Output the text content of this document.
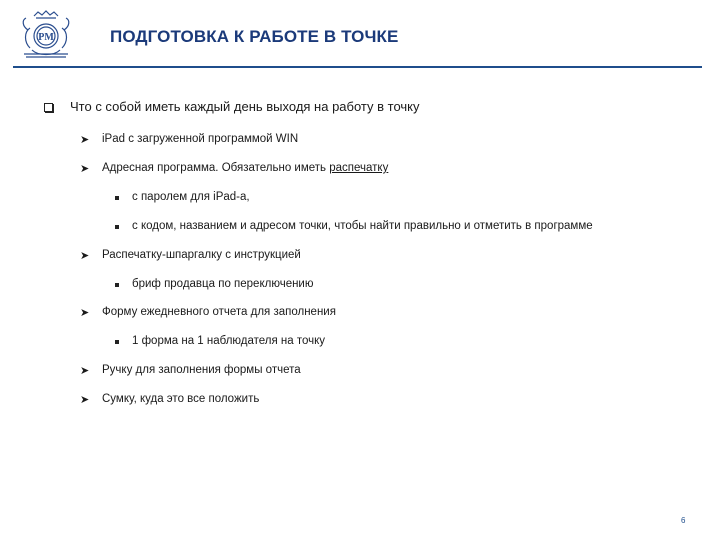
PM	ПОДГОТОВКА К РАБОТЕ В ТОЧКЕ
Что с собой иметь каждый день выходя на работу в точку
➤ iPad с загруженной программой WIN
➤ Адресная программа. Обязательно иметь распечатку
с паролем для iPad-а,
с кодом, названием и адресом точки, чтобы найти правильно и отметить в программе
➤ Распечатку-шпаргалку с инструкцией
бриф продавца по переключению
➤ Форму ежедневного отчета для заполнения
1 форма на 1 наблюдателя на точку
➤ Ручку для заполнения формы отчета
➤ Сумку, куда это все положить
6
